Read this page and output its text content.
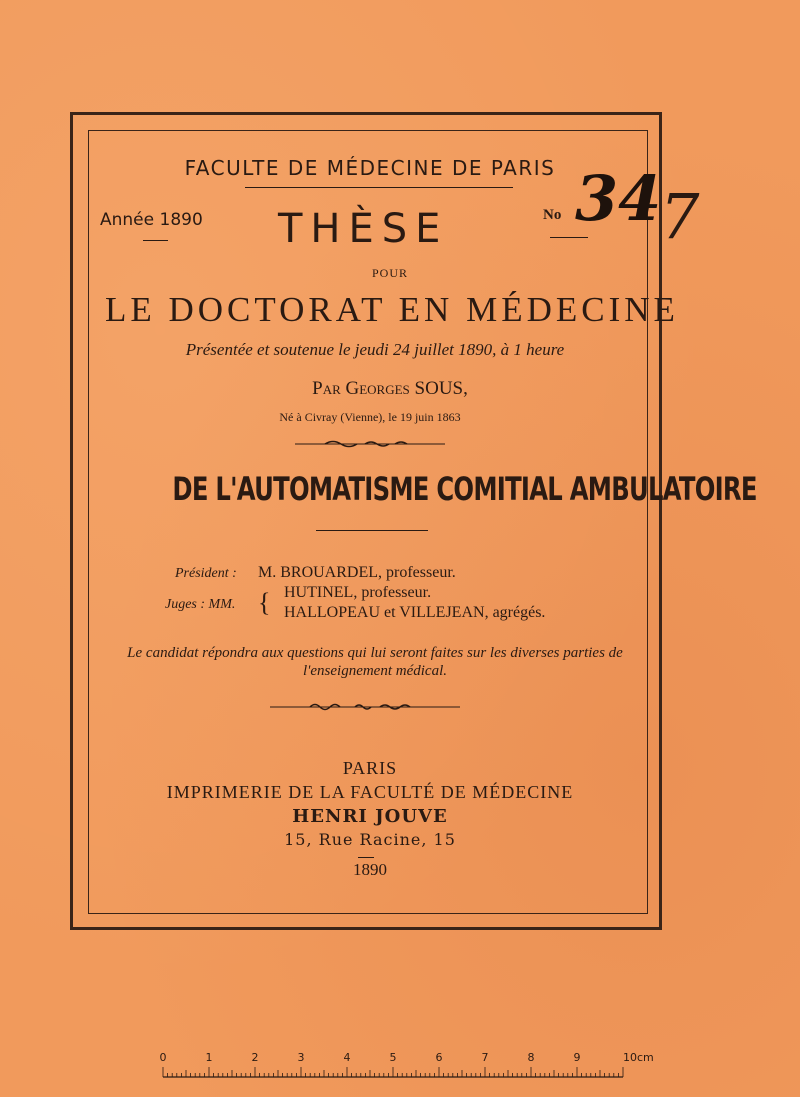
FACULTE DE MÉDECINE DE PARIS
Année 1890 THÈSE	No 34
7
POUR
LE DOCTORAT EN MÉDECINE
Présentée et soutenue le jeudi 24 juillet 1890, à 1 heure
Par Georges SOUS,
Né à Civray (Vienne), le 19 juin 1863
DE L'AUTOMATISME COMITIAL AMBULATOIRE
Président : M. BROUARDEL, professeur.
Juges : MM. { HUTINEL, professeur.
HALLOPEAU et VILLEJEAN, agrégés.
Le candidat répondra aux questions qui lui seront faites sur les diverses parties de l'enseignement médical.
PARIS
IMPRIMERIE DE LA FACULTÉ DE MÉDECINE
HENRI JOUVE
15, Rue Racine, 15
1890
0	1	2	3	4	5	6	7	8	9	10cm
